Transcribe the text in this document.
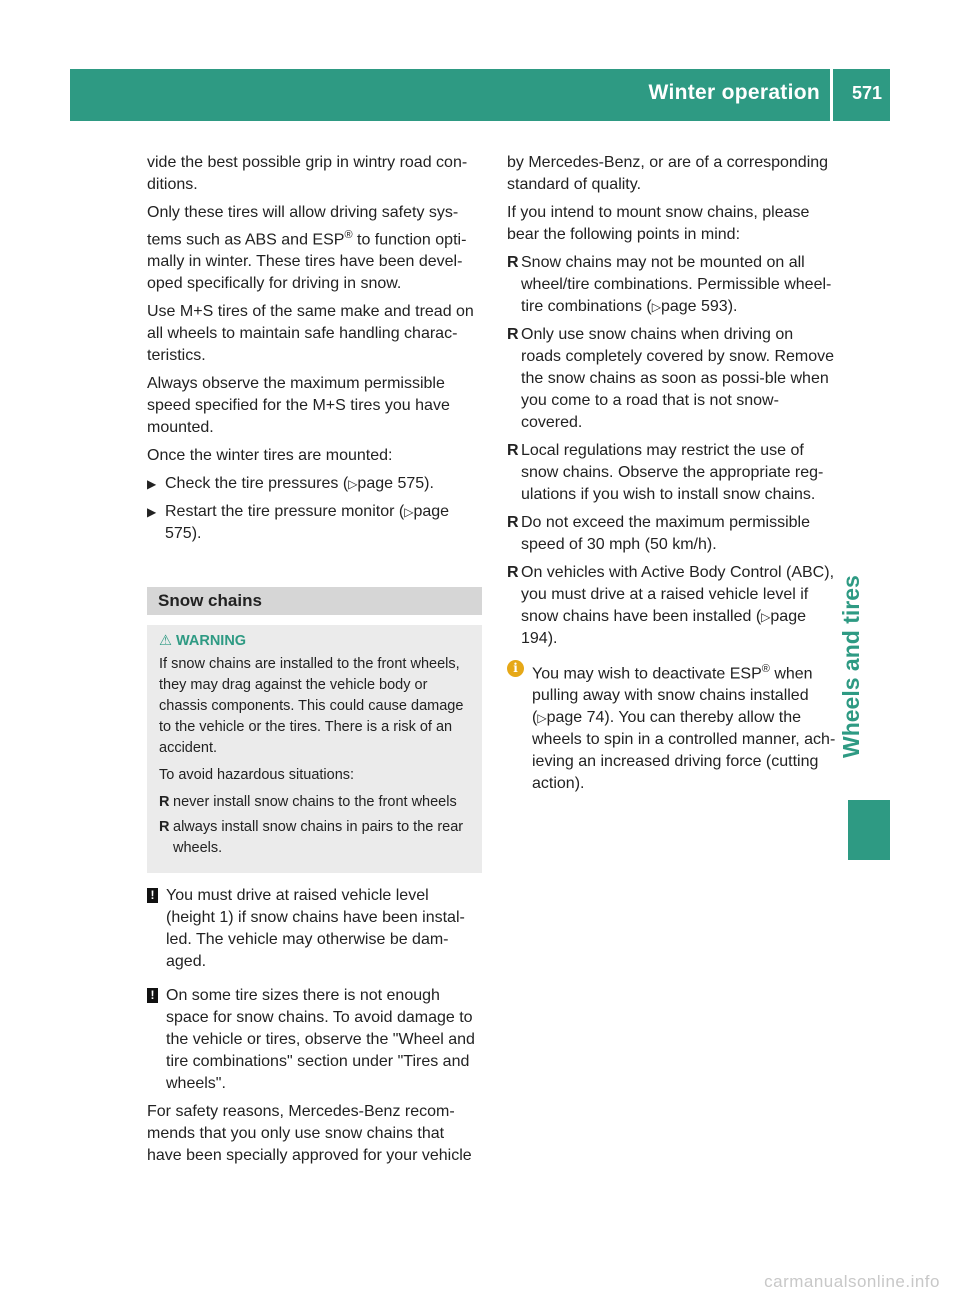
Winter operation 571
Wheels and tires

vide the best possible grip in wintry road con-ditions.

Only these tires will allow driving safety sys-tems such as ABS and ESP® to function opti-mally in winter. These tires have been devel-oped specifically for driving in snow.

Use M+S tires of the same make and tread on all wheels to maintain safe handling charac-teristics.

Always observe the maximum permissible speed specified for the M+S tires you have mounted.

Once the winter tires are mounted:

▶ Check the tire pressures (▷page 575).
▶ Restart the tire pressure monitor (▷page 575).
Snow chains
⚠ WARNING

If snow chains are installed to the front wheels, they may drag against the vehicle body or chassis components. This could cause damage to the vehicle or the tires. There is a risk of an accident.

To avoid hazardous situations:

R never install snow chains to the front wheels
R always install snow chains in pairs to the rear wheels.
! You must drive at raised vehicle level (height 1) if snow chains have been instal-led. The vehicle may otherwise be dam-aged.
! On some tire sizes there is not enough space for snow chains. To avoid damage to the vehicle or tires, observe the "Wheel and tire combinations" section under "Tires and wheels".

For safety reasons, Mercedes-Benz recom-mends that you only use snow chains that have been specially approved for your vehicle

by Mercedes-Benz, or are of a corresponding standard of quality.

If you intend to mount snow chains, please bear the following points in mind:

R Snow chains may not be mounted on all wheel/tire combinations. Permissible wheel-tire combinations (▷page 593).
R Only use snow chains when driving on roads completely covered by snow. Remove the snow chains as soon as possi-ble when you come to a road that is not snow-covered.
R Local regulations may restrict the use of snow chains. Observe the appropriate reg-ulations if you wish to install snow chains.
R Do not exceed the maximum permissible speed of 30 mph (50 km/h).
R On vehicles with Active Body Control (ABC), you must drive at a raised vehicle level if snow chains have been installed (▷page 194).
i You may wish to deactivate ESP® when pulling away with snow chains installed (▷page 74). You can thereby allow the wheels to spin in a controlled manner, ach-ieving an increased driving force (cutting action).
carmanualsonline.info
